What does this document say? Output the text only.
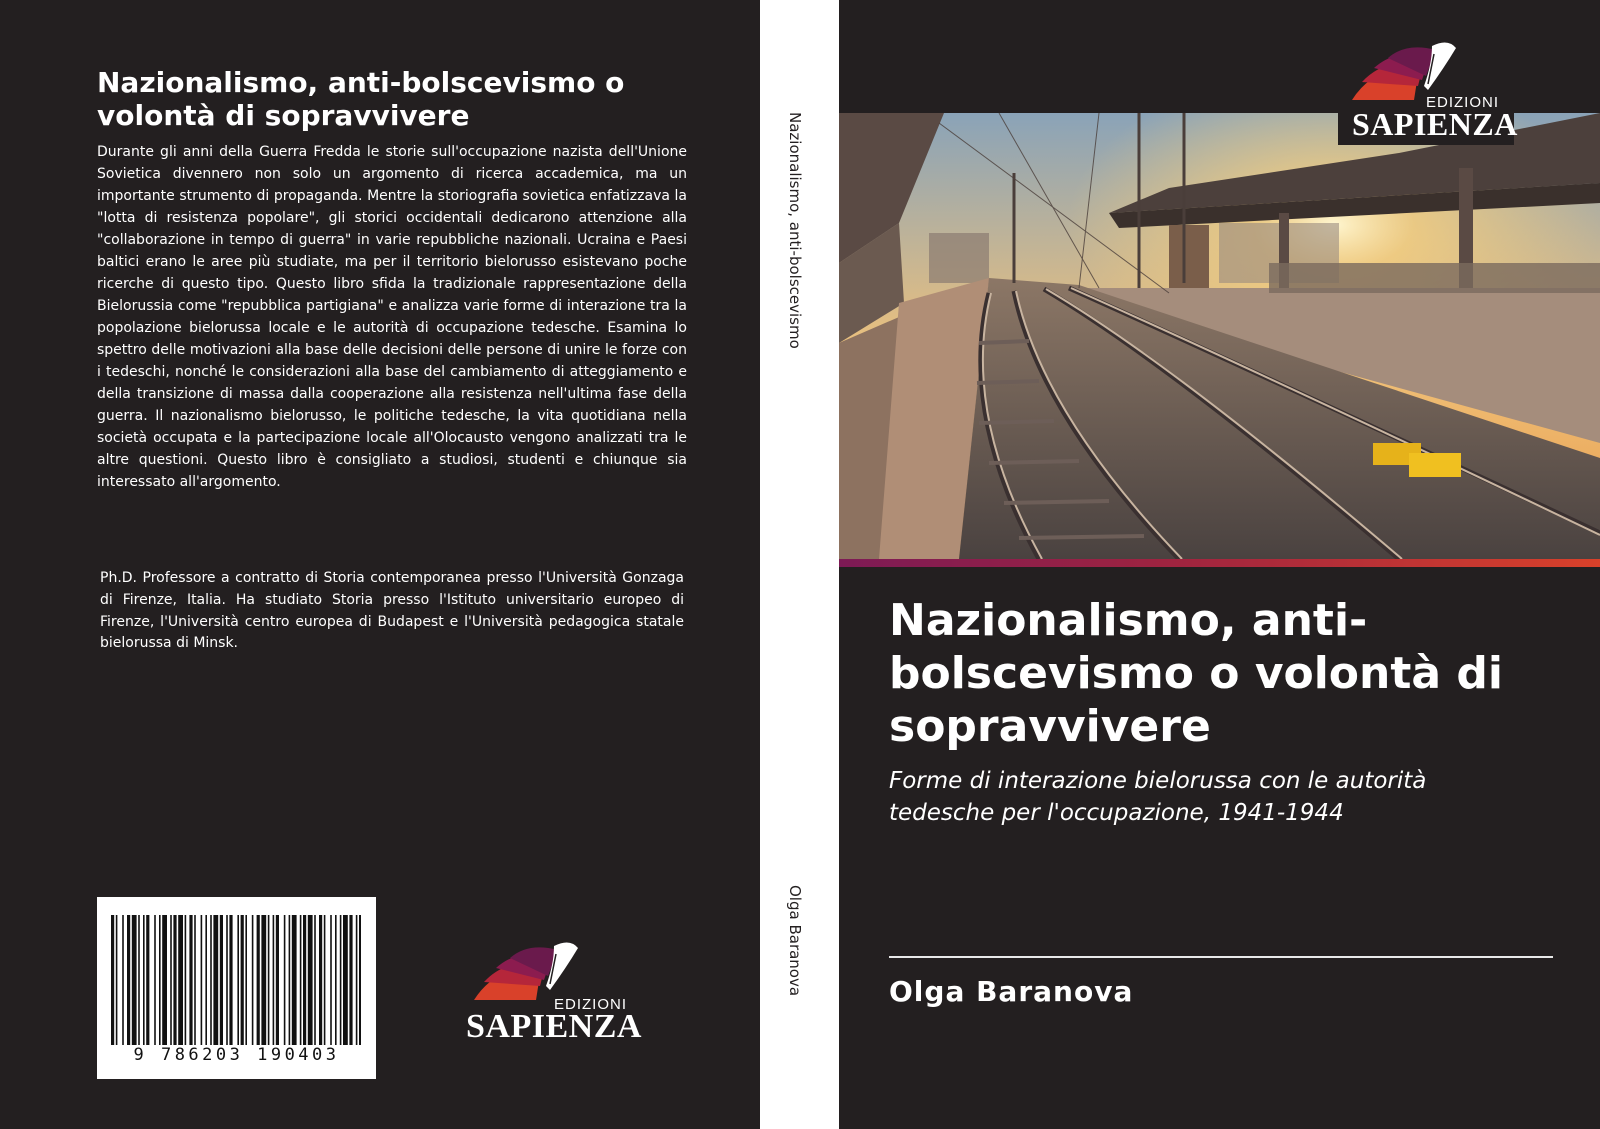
Nazionalismo, anti-bolscevismo o volontà di sopravvivere

Durante gli anni della Guerra Fredda le storie sull'occupazione nazista dell'Unione Sovietica divennero non solo un argomento di ricerca accademica, ma un importante strumento di propaganda. Mentre la storiografia sovietica enfatizzava la "lotta di resistenza popolare", gli storici occidentali dedicarono attenzione alla "collaborazione in tempo di guerra" in varie repubbliche nazionali. Ucraina e Paesi baltici erano le aree più studiate, ma per il territorio bielorusso esistevano poche ricerche di questo tipo. Questo libro sfida la tradizionale rappresentazione della Bielorussia come "repubblica partigiana" e analizza varie forme di interazione tra la popolazione bielorussa locale e le autorità di occupazione tedesche. Esamina lo spettro delle motivazioni alla base delle decisioni delle persone di unire le forze con i tedeschi, nonché le considerazioni alla base del cambiamento di atteggiamento e della transizione di massa dalla cooperazione alla resistenza nell'ultima fase della guerra. Il nazionalismo bielorusso, le politiche tedesche, la vita quotidiana nella società occupata e la partecipazione locale all'Olocausto vengono analizzati tra le altre questioni. Questo libro è consigliato a studiosi, studenti e chiunque sia interessato all'argomento.

Ph.D. Professore a contratto di Storia contemporanea presso l'Università Gonzaga di Firenze, Italia. Ha studiato Storia presso l'Istituto universitario europeo di Firenze, l'Università centro europea di Budapest e l'Università pedagogica statale bielorussa di Minsk.

9 786203 190403
EDIZIONI
SAPIENZA
Nazionalismo, anti-bolscevismo
Olga Baranova
EDIZIONI
SAPIENZA
Nazionalismo, anti-bolscevismo o volontà di sopravvivere

Forme di interazione bielorussa con le autorità tedesche per l'occupazione, 1941-1944

Olga Baranova
